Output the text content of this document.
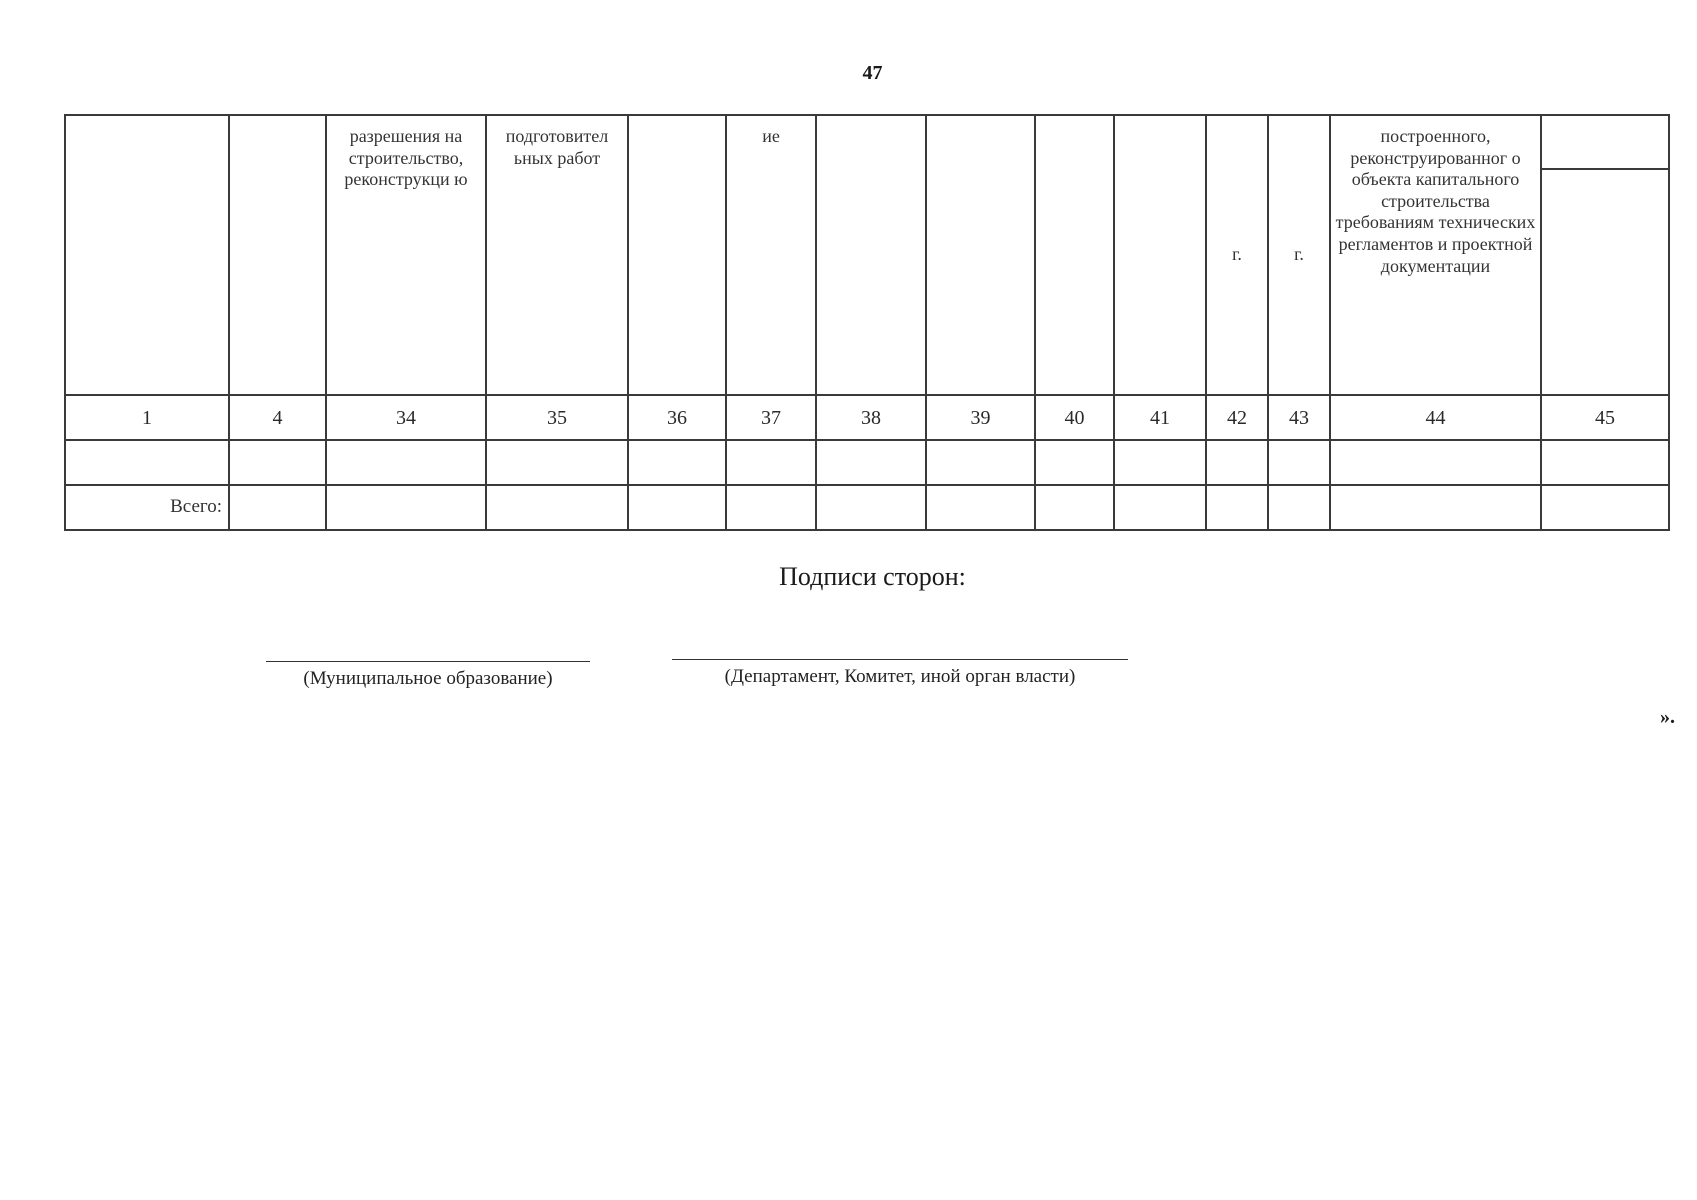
47
		разрешения на строительство, реконструкци ю	подготовител ьных работ		ие					г.	г.	построенного, реконструированног о объекта капитального строительства требованиям технических регламентов и проектной документации	

1	4	34	35	36	37	38	39	40	41	42	43	44	45

Всего:													
Подписи сторон:
(Муниципальное образование)	(Департамент, Комитет, иной орган власти)
».
